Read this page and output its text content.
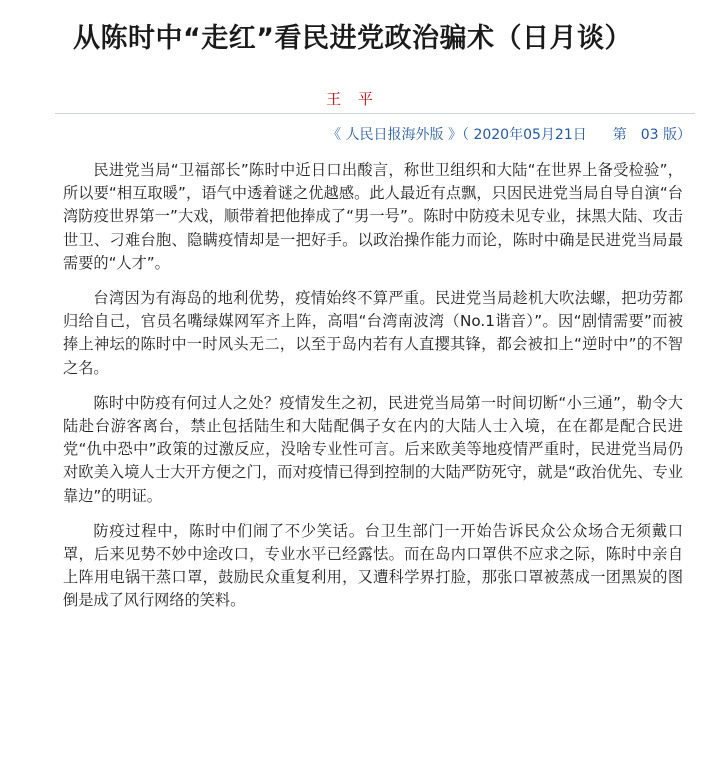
从陈时中“走红”看民进党政治骗术（日月谈）
王 平
《 人民日报海外版 》（ 2020年05月21日 第　03 版）

民进党当局“卫福部长”陈时中近日口出酸言，称世卫组织和大陆“在世界上备受检验”，所以要“相互取暖”，语气中透着谜之优越感。此人最近有点飘，只因民进党当局自导自演“台湾防疫世界第一”大戏，顺带着把他捧成了“男一号”。陈时中防疫未见专业，抹黑大陆、攻击世卫、刁难台胞、隐瞒疫情却是一把好手。以政治操作能力而论，陈时中确是民进党当局最需要的“人才”。

台湾因为有海岛的地利优势，疫情始终不算严重。民进党当局趁机大吹法螺，把功劳都归给自己，官员名嘴绿媒网军齐上阵，高唱“台湾南波湾（No.1谐音）”。因“剧情需要”而被捧上神坛的陈时中一时风头无二，以至于岛内若有人直撄其锋，都会被扣上“逆时中”的不智之名。

陈时中防疫有何过人之处？疫情发生之初，民进党当局第一时间切断“小三通”，勒令大陆赴台游客离台，禁止包括陆生和大陆配偶子女在内的大陆人士入境，在在都是配合民进党“仇中恐中”政策的过激反应，没啥专业性可言。后来欧美等地疫情严重时，民进党当局仍对欧美入境人士大开方便之门，而对疫情已得到控制的大陆严防死守，就是“政治优先、专业靠边”的明证。

防疫过程中，陈时中们闹了不少笑话。台卫生部门一开始告诉民众公众场合无须戴口罩，后来见势不妙中途改口，专业水平已经露怯。而在岛内口罩供不应求之际，陈时中亲自上阵用电锅干蒸口罩，鼓励民众重复利用，又遭科学界打脸，那张口罩被蒸成一团黑炭的图倒是成了风行网络的笑料。
